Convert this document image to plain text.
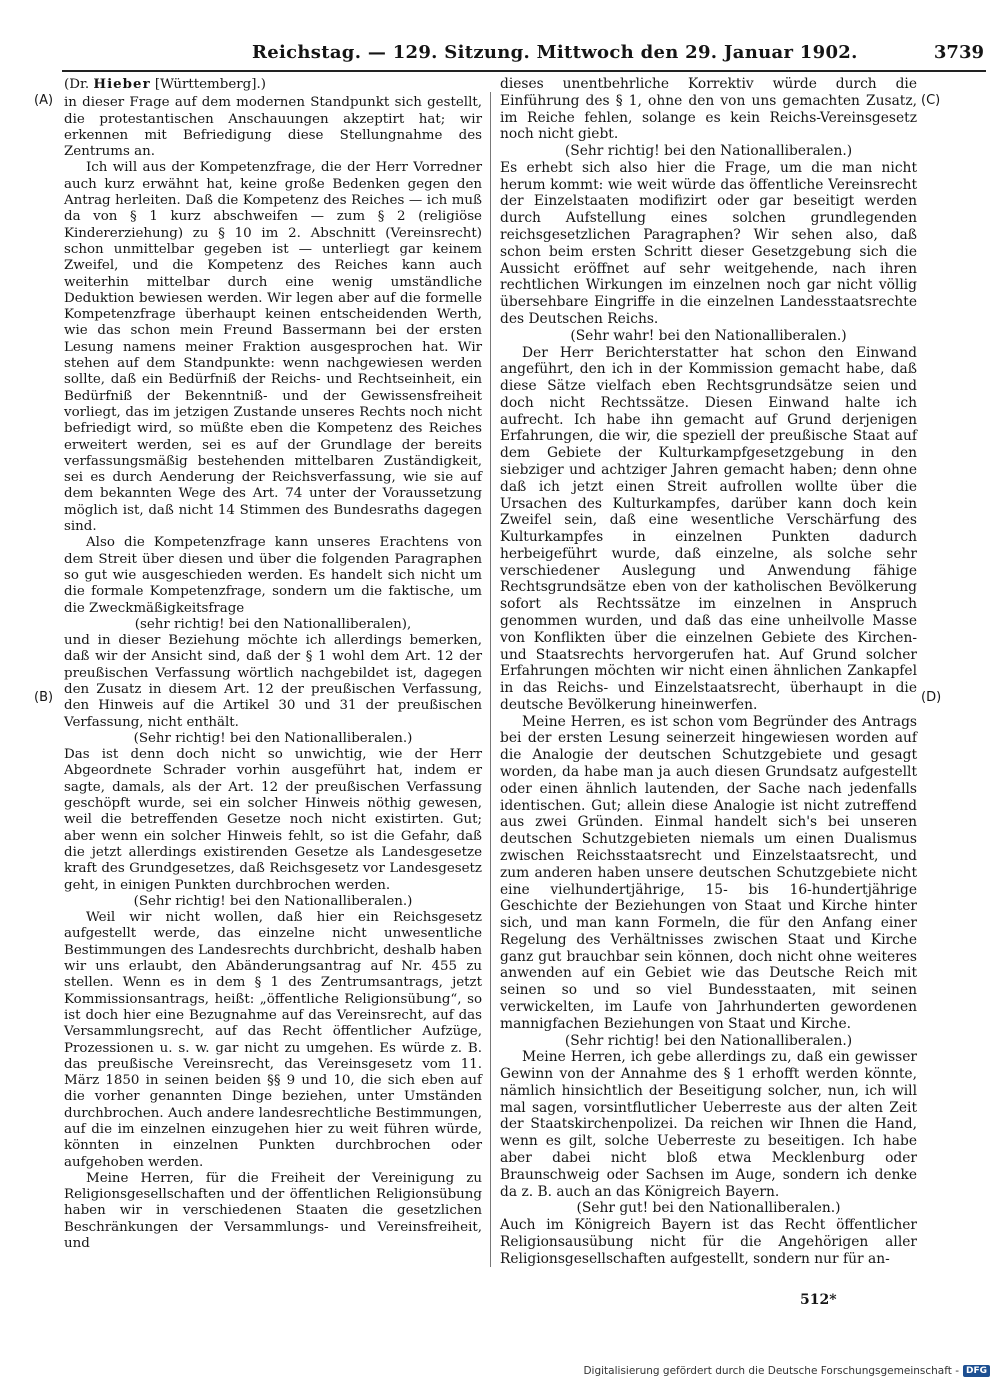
Reichstag. — 129. Sitzung. Mittwoch den 29. Januar 1902.	3739
(A)
(B)
(C)
(D)

(Dr. Hieber [Württemberg].)

in dieser Frage auf dem modernen Standpunkt sich gestellt, die protestantischen Anschauungen akzeptirt hat; wir erkennen mit Befriedigung diese Stellungnahme des Zentrums an.

Ich will aus der Kompetenzfrage, die der Herr Vorredner auch kurz erwähnt hat, keine große Bedenken gegen den Antrag herleiten. Daß die Kompetenz des Reiches — ich muß da von § 1 kurz abschweifen — zum § 2 (religiöse Kindererziehung) zu § 10 im 2. Abschnitt (Vereinsrecht) schon unmittelbar gegeben ist — unterliegt gar keinem Zweifel, und die Kompetenz des Reiches kann auch weiterhin mittelbar durch eine wenig umständliche Deduktion bewiesen werden. Wir legen aber auf die formelle Kompetenzfrage überhaupt keinen entscheidenden Werth, wie das schon mein Freund Bassermann bei der ersten Lesung namens meiner Fraktion ausgesprochen hat. Wir stehen auf dem Standpunkte: wenn nachgewiesen werden sollte, daß ein Bedürfniß der Reichs- und Rechtseinheit, ein Bedürfniß der Bekenntniß- und der Gewissensfreiheit vorliegt, das im jetzigen Zustande unseres Rechts noch nicht befriedigt wird, so müßte eben die Kompetenz des Reiches erweitert werden, sei es auf der Grundlage der bereits verfassungsmäßig bestehenden mittelbaren Zuständigkeit, sei es durch Aenderung der Reichsverfassung, wie sie auf dem bekannten Wege des Art. 74 unter der Voraussetzung möglich ist, daß nicht 14 Stimmen des Bundesraths dagegen sind.

Also die Kompetenzfrage kann unseres Erachtens von dem Streit über diesen und über die folgenden Paragraphen so gut wie ausgeschieden werden. Es handelt sich nicht um die formale Kompetenzfrage, sondern um die faktische, um die Zweckmäßigkeitsfrage

(sehr richtig! bei den Nationalliberalen),

und in dieser Beziehung möchte ich allerdings bemerken, daß wir der Ansicht sind, daß der § 1 wohl dem Art. 12 der preußischen Verfassung wörtlich nachgebildet ist, dagegen den Zusatz in diesem Art. 12 der preußischen Verfassung, den Hinweis auf die Artikel 30 und 31 der preußischen Verfassung, nicht enthält.

(Sehr richtig! bei den Nationalliberalen.)

Das ist denn doch nicht so unwichtig, wie der Herr Abgeordnete Schrader vorhin ausgeführt hat, indem er sagte, damals, als der Art. 12 der preußischen Verfassung geschöpft wurde, sei ein solcher Hinweis nöthig gewesen, weil die betreffenden Gesetze noch nicht existirten. Gut; aber wenn ein solcher Hinweis fehlt, so ist die Gefahr, daß die jetzt allerdings existirenden Gesetze als Landesgesetze kraft des Grundgesetzes, daß Reichsgesetz vor Landesgesetz geht, in einigen Punkten durchbrochen werden.

(Sehr richtig! bei den Nationalliberalen.)

Weil wir nicht wollen, daß hier ein Reichsgesetz aufgestellt werde, das einzelne nicht unwesentliche Bestimmungen des Landesrechts durchbricht, deshalb haben wir uns erlaubt, den Abänderungsantrag auf Nr. 455 zu stellen. Wenn es in dem § 1 des Zentrumsantrags, jetzt Kommissionsantrags, heißt: „öffentliche Religionsübung“, so ist doch hier eine Bezugnahme auf das Vereinsrecht, auf das Versammlungsrecht, auf das Recht öffentlicher Aufzüge, Prozessionen u. s. w. gar nicht zu umgehen. Es würde z. B. das preußische Vereinsrecht, das Vereinsgesetz vom 11. März 1850 in seinen beiden §§ 9 und 10, die sich eben auf die vorher genannten Dinge beziehen, unter Umständen durchbrochen. Auch andere landesrechtliche Bestimmungen, auf die im einzelnen einzugehen hier zu weit führen würde, könnten in einzelnen Punkten durchbrochen oder aufgehoben werden.

Meine Herren, für die Freiheit der Vereinigung zu Religionsgesellschaften und der öffentlichen Religionsübung haben wir in verschiedenen Staaten die gesetzlichen Beschränkungen der Versammlungs- und Vereinsfreiheit, und

dieses unentbehrliche Korrektiv würde durch die Einführung des § 1, ohne den von uns gemachten Zusatz, im Reiche fehlen, solange es kein Reichs-Vereinsgesetz noch nicht giebt.

(Sehr richtig! bei den Nationalliberalen.)

Es erhebt sich also hier die Frage, um die man nicht herum kommt: wie weit würde das öffentliche Vereinsrecht der Einzelstaaten modifizirt oder gar beseitigt werden durch Aufstellung eines solchen grundlegenden reichsgesetzlichen Paragraphen? Wir sehen also, daß schon beim ersten Schritt dieser Gesetzgebung sich die Aussicht eröffnet auf sehr weitgehende, nach ihren rechtlichen Wirkungen im einzelnen noch gar nicht völlig übersehbare Eingriffe in die einzelnen Landesstaatsrechte des Deutschen Reichs.

(Sehr wahr! bei den Nationalliberalen.)

Der Herr Berichterstatter hat schon den Einwand angeführt, den ich in der Kommission gemacht habe, daß diese Sätze vielfach eben Rechtsgrundsätze seien und doch nicht Rechtssätze. Diesen Einwand halte ich aufrecht. Ich habe ihn gemacht auf Grund derjenigen Erfahrungen, die wir, die speziell der preußische Staat auf dem Gebiete der Kulturkampfgesetzgebung in den siebziger und achtziger Jahren gemacht haben; denn ohne daß ich jetzt einen Streit aufrollen wollte über die Ursachen des Kulturkampfes, darüber kann doch kein Zweifel sein, daß eine wesentliche Verschärfung des Kulturkampfes in einzelnen Punkten dadurch herbeigeführt wurde, daß einzelne, als solche sehr verschiedener Auslegung und Anwendung fähige Rechtsgrundsätze eben von der katholischen Bevölkerung sofort als Rechtssätze im einzelnen in Anspruch genommen wurden, und daß das eine unheilvolle Masse von Konflikten über die einzelnen Gebiete des Kirchen- und Staatsrechts hervorgerufen hat. Auf Grund solcher Erfahrungen möchten wir nicht einen ähnlichen Zankapfel in das Reichs- und Einzelstaatsrecht, überhaupt in die deutsche Bevölkerung hineinwerfen.

Meine Herren, es ist schon vom Begründer des Antrags bei der ersten Lesung seinerzeit hingewiesen worden auf die Analogie der deutschen Schutzgebiete und gesagt worden, da habe man ja auch diesen Grundsatz aufgestellt oder einen ähnlich lautenden, der Sache nach jedenfalls identischen. Gut; allein diese Analogie ist nicht zutreffend aus zwei Gründen. Einmal handelt sich's bei unseren deutschen Schutzgebieten niemals um einen Dualismus zwischen Reichsstaatsrecht und Einzelstaatsrecht, und zum anderen haben unsere deutschen Schutzgebiete nicht eine vielhundertjährige, 15- bis 16-hundertjährige Geschichte der Beziehungen von Staat und Kirche hinter sich, und man kann Formeln, die für den Anfang einer Regelung des Verhältnisses zwischen Staat und Kirche ganz gut brauchbar sein können, doch nicht ohne weiteres anwenden auf ein Gebiet wie das Deutsche Reich mit seinen so und so viel Bundesstaaten, mit seinen verwickelten, im Laufe von Jahrhunderten gewordenen mannigfachen Beziehungen von Staat und Kirche.

(Sehr richtig! bei den Nationalliberalen.)

Meine Herren, ich gebe allerdings zu, daß ein gewisser Gewinn von der Annahme des § 1 erhofft werden könnte, nämlich hinsichtlich der Beseitigung solcher, nun, ich will mal sagen, vorsintflutlicher Ueberreste aus der alten Zeit der Staatskirchenpolizei. Da reichen wir Ihnen die Hand, wenn es gilt, solche Ueberreste zu beseitigen. Ich habe aber dabei nicht bloß etwa Mecklenburg oder Braunschweig oder Sachsen im Auge, sondern ich denke da z. B. auch an das Königreich Bayern.

(Sehr gut! bei den Nationalliberalen.)

Auch im Königreich Bayern ist das Recht öffentlicher Religionsausübung nicht für die Angehörigen aller Religionsgesellschaften aufgestellt, sondern nur für an-

512*
Digitalisierung gefördert durch die Deutsche Forschungsgemeinschaft - DFG
